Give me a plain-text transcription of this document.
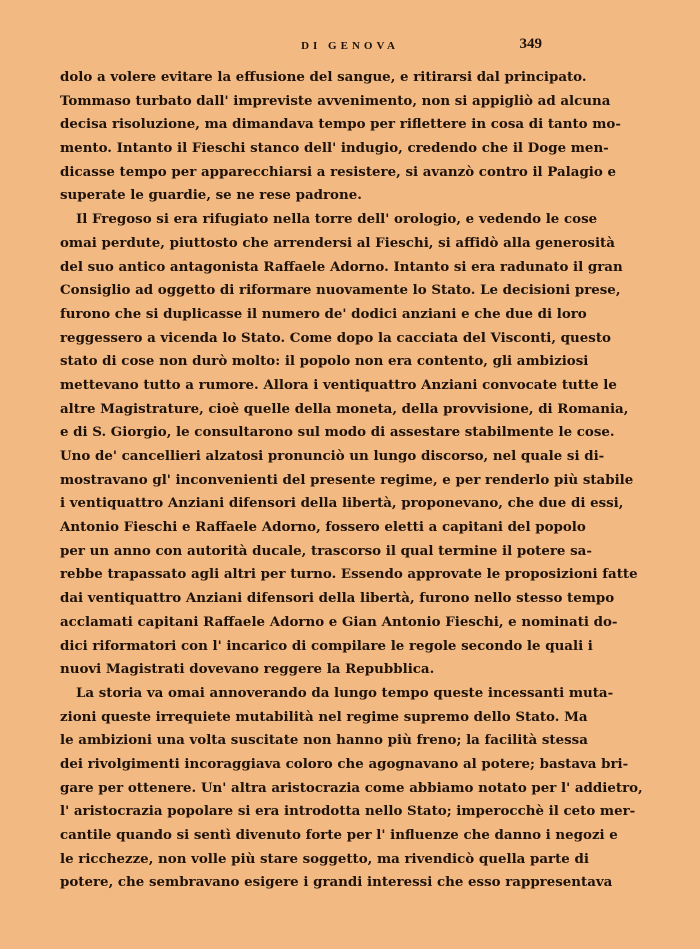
DI GENOVA	349
dolo a volere evitare la effusione del sangue, e ritirarsi dal principato.
Tommaso turbato dall' impreviste avvenimento, non si appigliò ad alcuna
decisa risoluzione, ma dimandava tempo per riflettere in cosa di tanto mo-
mento. Intanto il Fieschi stanco dell' indugio, credendo che il Doge men-
dicasse tempo per apparecchiarsi a resistere, si avanzò contro il Palagio e
superate le guardie, se ne rese padrone.
Il Fregoso si era rifugiato nella torre dell' orologio, e vedendo le cose
omai perdute, piuttosto che arrendersi al Fieschi, si affidò alla generosità
del suo antico antagonista Raffaele Adorno. Intanto si era radunato il gran
Consiglio ad oggetto di riformare nuovamente lo Stato. Le decisioni prese,
furono che si duplicasse il numero de' dodici anziani e che due di loro
reggessero a vicenda lo Stato. Come dopo la cacciata del Visconti, questo
stato di cose non durò molto: il popolo non era contento, gli ambiziosi
mettevano tutto a rumore. Allora i ventiquattro Anziani convocate tutte le
altre Magistrature, cioè quelle della moneta, della provvisione, di Romania,
e di S. Giorgio, le consultarono sul modo di assestare stabilmente le cose.
Uno de' cancellieri alzatosi pronunciò un lungo discorso, nel quale si di-
mostravano gl' inconvenienti del presente regime, e per renderlo più stabile
i ventiquattro Anziani difensori della libertà, proponevano, che due di essi,
Antonio Fieschi e Raffaele Adorno, fossero eletti a capitani del popolo
per un anno con autorità ducale, trascorso il qual termine il potere sa-
rebbe trapassato agli altri per turno. Essendo approvate le proposizioni fatte
dai ventiquattro Anziani difensori della libertà, furono nello stesso tempo
acclamati capitani Raffaele Adorno e Gian Antonio Fieschi, e nominati do-
dici riformatori con l' incarico di compilare le regole secondo le quali i
nuovi Magistrati dovevano reggere la Repubblica.
La storia va omai annoverando da lungo tempo queste incessanti muta-
zioni queste irrequiete mutabilità nel regime supremo dello Stato. Ma
le ambizioni una volta suscitate non hanno più freno; la facilità stessa
dei rivolgimenti incoraggiava coloro che agognavano al potere; bastava bri-
gare per ottenere. Un' altra aristocrazia come abbiamo notato per l' addietro,
l' aristocrazia popolare si era introdotta nello Stato; imperocchè il ceto mer-
cantile quando si sentì divenuto forte per l' influenze che danno i negozi e
le ricchezze, non volle più stare soggetto, ma rivendicò quella parte di
potere, che sembravano esigere i grandi interessi che esso rappresentava
